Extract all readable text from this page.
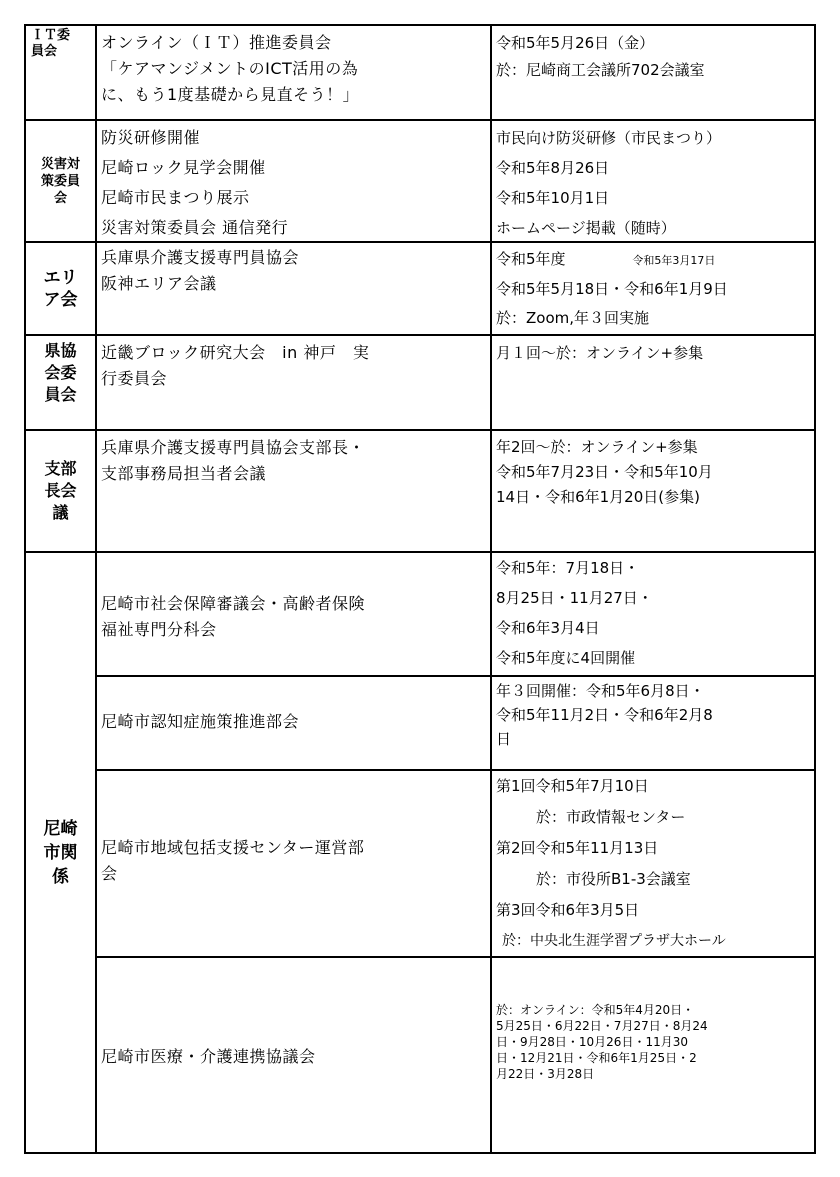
ＩＴ委
員会	オンライン（ＩＴ）推進委員会
「ケアマンジメントのICT活用の為
に、もう1度基礎から見直そう！」
令和5年5月26日（金）
於：尼崎商工会議所702会議室
災害対
策委員
会
防災研修開催
尼崎ロック見学会開催
尼崎市民まつり展示
災害対策委員会 通信発行
市民向け防災研修（市民まつり）
令和5年8月26日
令和5年10月1日
ホームページ掲載（随時）
エリ
ア会
兵庫県介護支援専門員協会
阪神エリア会議
令和5年度	令和5年3月17日
令和5年5月18日・令和6年1月9日
於：Zoom,年３回実施
県協
会委
員会
近畿ブロック研究大会　in 神戸　実
行委員会
月１回～於：オンライン+参集
支部
長会
議
兵庫県介護支援専門員協会支部長・
支部事務局担当者会議
年2回～於：オンライン+参集
令和5年7月23日・令和5年10月
14日・令和6年1月20日(参集)
尼崎
市関
係
尼崎市社会保障審議会・高齢者保険
福祉専門分科会
令和5年：7月18日・
8月25日・11月27日・
令和6年3月4日
令和5年度に4回開催
尼崎市認知症施策推進部会
年３回開催：令和5年6月8日・
令和5年11月2日・令和6年2月8
日
尼崎市地域包括支援センター運営部
会
第1回令和5年7月10日
於：市政情報センター
第2回令和5年11月13日
於：市役所B1-3会議室
第3回令和6年3月5日
於：中央北生涯学習プラザ大ホール
尼崎市医療・介護連携協議会
於：オンライン：令和5年4月20日・
5月25日・6月22日・7月27日・8月24
日・9月28日・10月26日・11月30
日・12月21日・令和6年1月25日・2
月22日・3月28日
